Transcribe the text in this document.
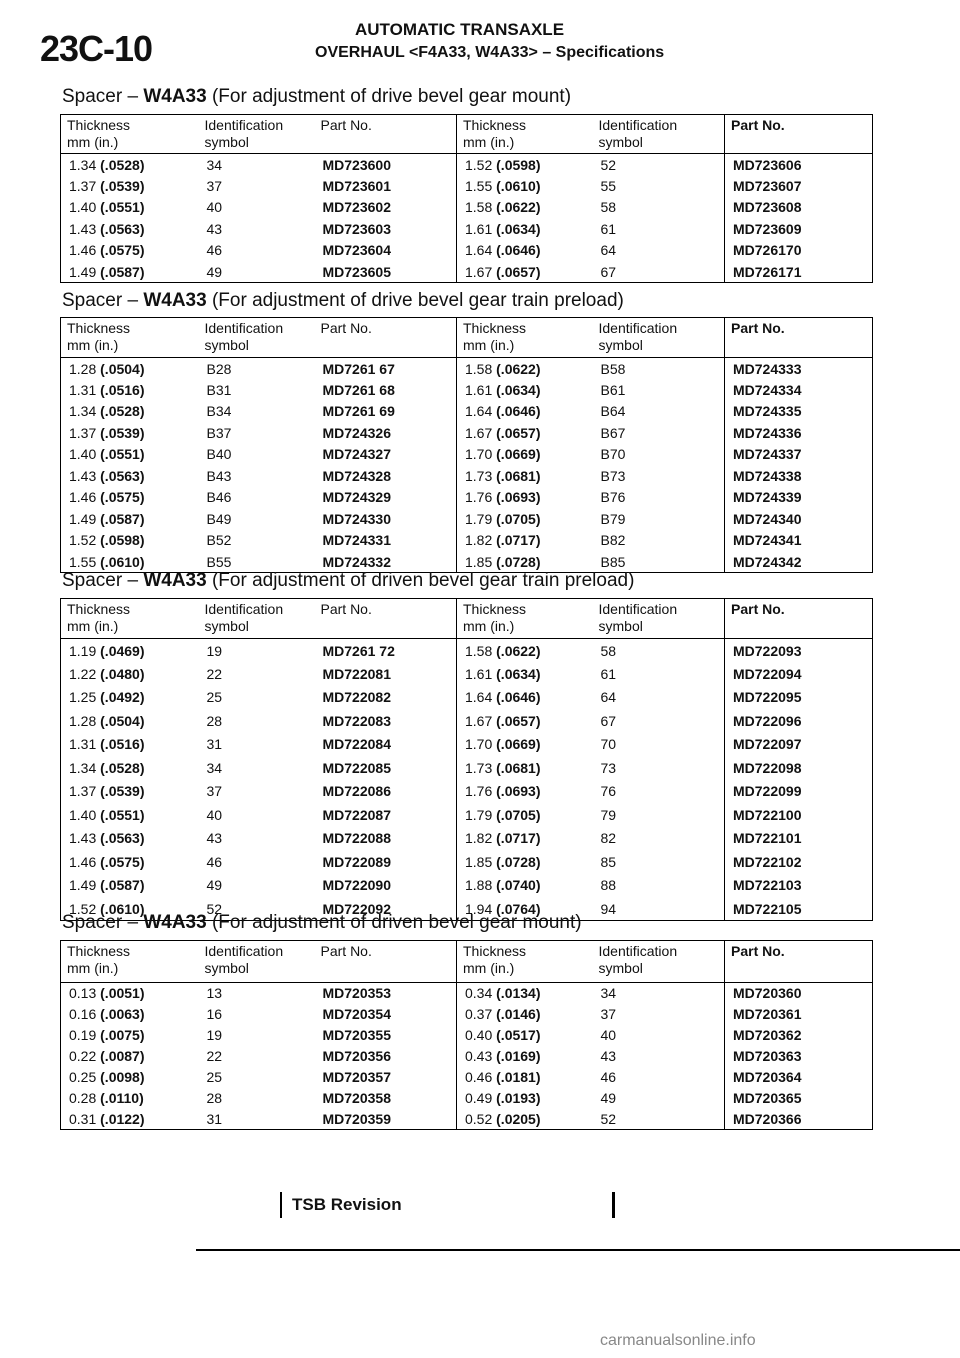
23C-10	AUTOMATIC TRANSAXLE
OVERHAUL <F4A33, W4A33> – Specifications
Spacer – W4A33 (For adjustment of drive bevel gear mount)
Thickness
mm (in.)	Identification
symbol	Part No.	Thickness
mm (in.)	Identification
symbol	Part No.
1.34 (.0528)	34	MD723600	1.52 (.0598)	52	MD723606
1.37 (.0539)	37	MD723601	1.55 (.0610)	55	MD723607
1.40 (.0551)	40	MD723602	1.58 (.0622)	58	MD723608
1.43 (.0563)	43	MD723603	1.61 (.0634)	61	MD723609
1.46 (.0575)	46	MD723604	1.64 (.0646)	64	MD726170
1.49 (.0587)	49	MD723605	1.67 (.0657)	67	MD726171
Spacer – W4A33 (For adjustment of drive bevel gear train preload)
Thickness
mm (in.)	Identification
symbol	Part No.	Thickness
mm (in.)	Identification
symbol	Part No.
1.28 (.0504)	B28	MD7261 67	1.58 (.0622)	B58	MD724333
1.31 (.0516)	B31	MD7261 68	1.61 (.0634)	B61	MD724334
1.34 (.0528)	B34	MD7261 69	1.64 (.0646)	B64	MD724335
1.37 (.0539)	B37	MD724326	1.67 (.0657)	B67	MD724336
1.40 (.0551)	B40	MD724327	1.70 (.0669)	B70	MD724337
1.43 (.0563)	B43	MD724328	1.73 (.0681)	B73	MD724338
1.46 (.0575)	B46	MD724329	1.76 (.0693)	B76	MD724339
1.49 (.0587)	B49	MD724330	1.79 (.0705)	B79	MD724340
1.52 (.0598)	B52	MD724331	1.82 (.0717)	B82	MD724341
1.55 (.0610)	B55	MD724332	1.85 (.0728)	B85	MD724342
Spacer – W4A33 (For adjustment of driven bevel gear train preload)
Thickness
mm (in.)	Identification
symbol	Part No.	Thickness
mm (in.)	Identification
symbol	Part No.
1.19 (.0469)	19	MD7261 72	1.58 (.0622)	58	MD722093
1.22 (.0480)	22	MD722081	1.61 (.0634)	61	MD722094
1.25 (.0492)	25	MD722082	1.64 (.0646)	64	MD722095
1.28 (.0504)	28	MD722083	1.67 (.0657)	67	MD722096
1.31 (.0516)	31	MD722084	1.70 (.0669)	70	MD722097
1.34 (.0528)	34	MD722085	1.73 (.0681)	73	MD722098
1.37 (.0539)	37	MD722086	1.76 (.0693)	76	MD722099
1.40 (.0551)	40	MD722087	1.79 (.0705)	79	MD722100
1.43 (.0563)	43	MD722088	1.82 (.0717)	82	MD722101
1.46 (.0575)	46	MD722089	1.85 (.0728)	85	MD722102
1.49 (.0587)	49	MD722090	1.88 (.0740)	88	MD722103
1.52 (.0610)	52	MD722092	1.94 (.0764)	94	MD722105
Spacer – W4A33 (For adjustment of driven bevel gear mount)
Thickness
mm (in.)	Identification
symbol	Part No.	Thickness
mm (in.)	Identification
symbol	Part No.
0.13 (.0051)	13	MD720353	0.34 (.0134)	34	MD720360
0.16 (.0063)	16	MD720354	0.37 (.0146)	37	MD720361
0.19 (.0075)	19	MD720355	0.40 (.0517)	40	MD720362
0.22 (.0087)	22	MD720356	0.43 (.0169)	43	MD720363
0.25 (.0098)	25	MD720357	0.46 (.0181)	46	MD720364
0.28 (.0110)	28	MD720358	0.49 (.0193)	49	MD720365
0.31 (.0122)	31	MD720359	0.52 (.0205)	52	MD720366
TSB Revision
carmanualsonline.info
